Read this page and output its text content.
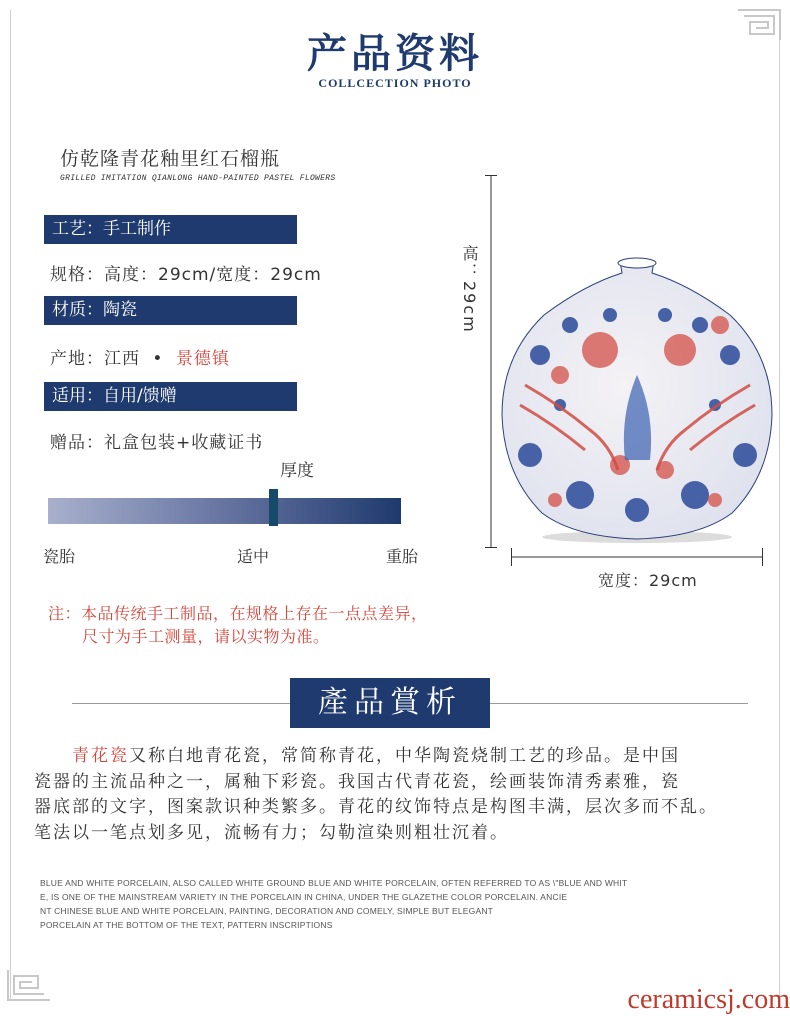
产品资料
COLLCECTION PHOTO
仿乾隆青花釉里红石榴瓶
GRILLED IMITATION QIANLONG HAND-PAINTED PASTEL FLOWERS
工艺：手工制作
规格：高度：29cm/宽度：29cm
材质：陶瓷
产地：江西 • 景德镇
适用：自用/馈赠
赠品：礼盒包装+收藏证书
厚度
瓷胎	适中	重胎
高：29cm
宽度：29cm
注：本品传统手工制品，在规格上存在一点点差异，
尺寸为手工测量，请以实物为准。
產品賞析
青花瓷又称白地青花瓷，常简称青花，中华陶瓷烧制工艺的珍品。是中国
瓷器的主流品种之一，属釉下彩瓷。我国古代青花瓷，绘画装饰清秀素雅，瓷
器底部的文字，图案款识种类繁多。青花的纹饰特点是构图丰满，层次多而不乱。
笔法以一笔点划多见，流畅有力；勾勒渲染则粗壮沉着。
BLUE AND WHITE PORCELAIN, ALSO CALLED WHITE GROUND BLUE AND WHITE PORCELAIN, OFTEN REFERRED TO AS \"BLUE AND WHIT
E, IS ONE OF THE MAINSTREAM VARIETY IN THE PORCELAIN IN CHINA, UNDER THE GLAZETHE COLOR PORCELAIN. ANCIE
NT CHINESE BLUE AND WHITE PORCELAIN, PAINTING, DECORATION AND COMELY, SIMPLE BUT ELEGANT
PORCELAIN AT THE BOTTOM OF THE TEXT, PATTERN INSCRIPTIONS
ceramicsj.com
